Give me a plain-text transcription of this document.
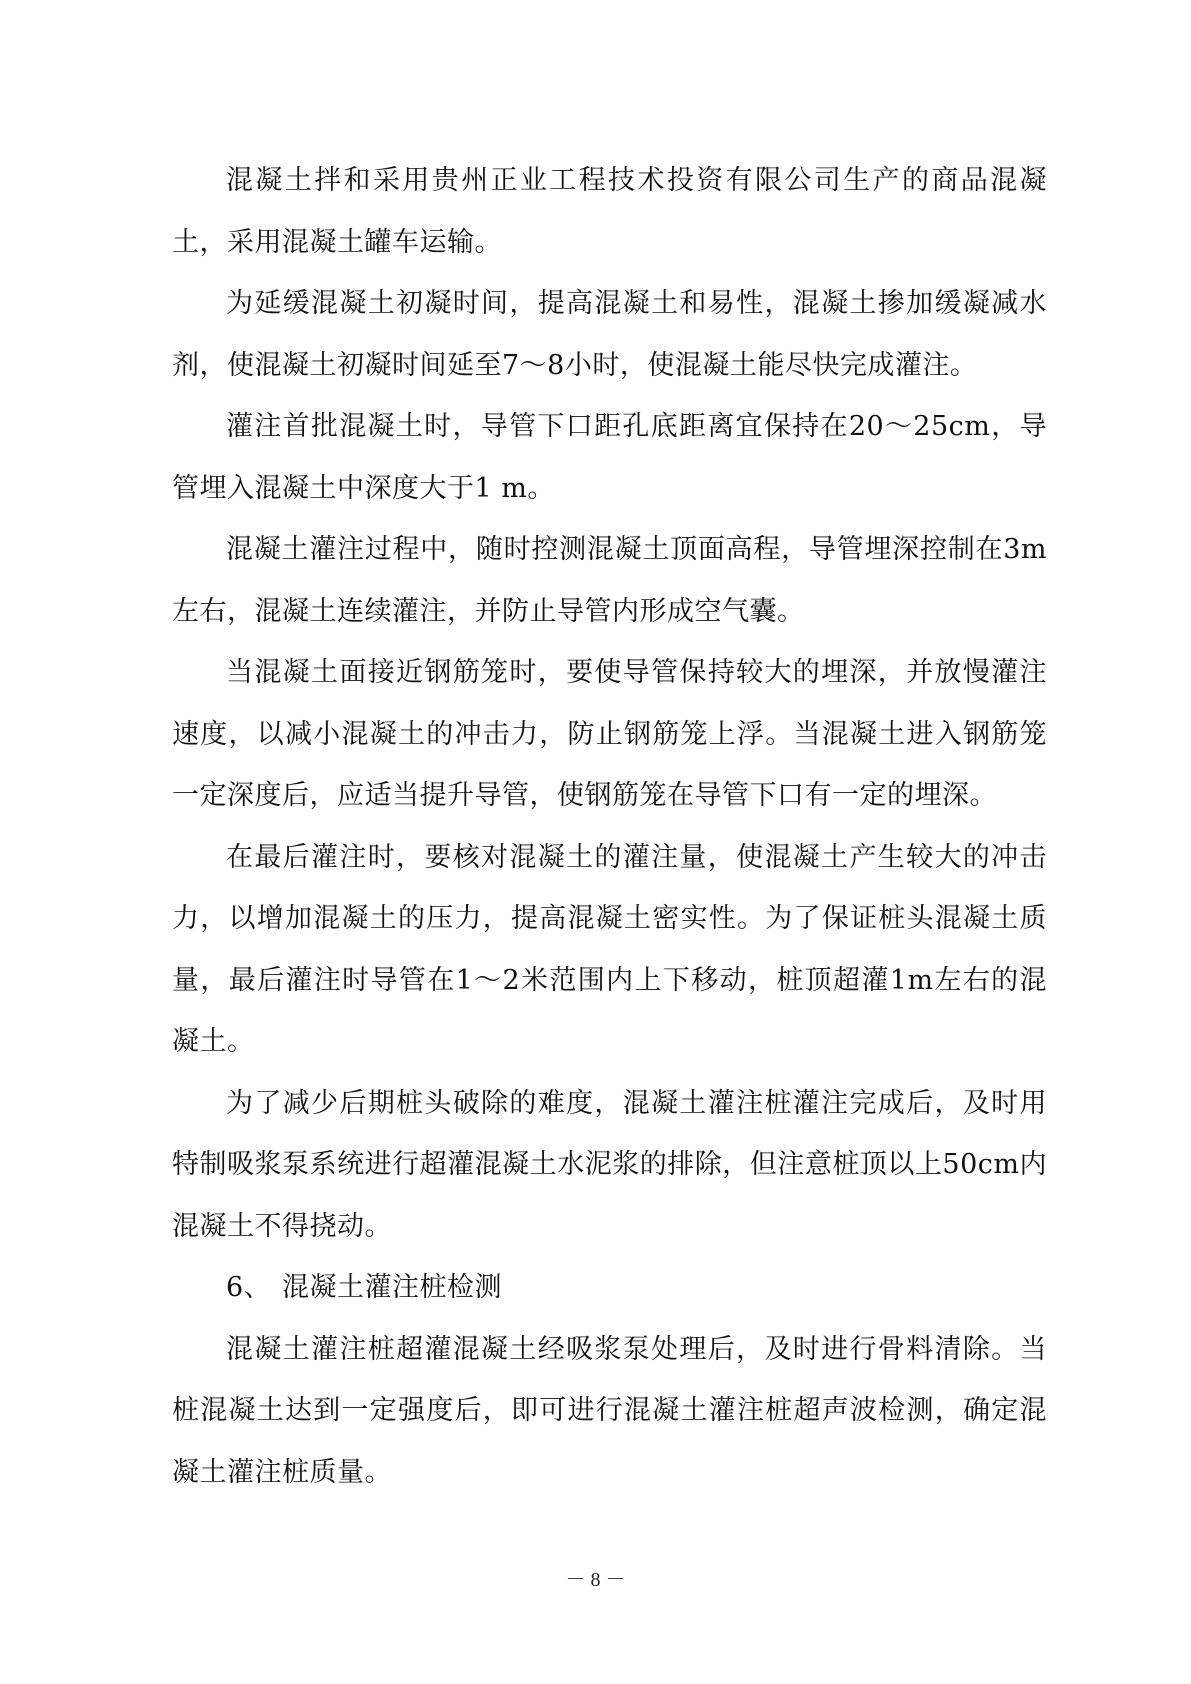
混凝土拌和采用贵州正业工程技术投资有限公司生产的商品混凝土，采用混凝土罐车运输。

为延缓混凝土初凝时间，提高混凝土和易性，混凝土掺加缓凝减水剂，使混凝土初凝时间延至7～8小时，使混凝土能尽快完成灌注。

灌注首批混凝土时，导管下口距孔底距离宜保持在20～25cm，导管埋入混凝土中深度大于1 m。

混凝土灌注过程中，随时控测混凝土顶面高程，导管埋深控制在3m左右，混凝土连续灌注，并防止导管内形成空气囊。

当混凝土面接近钢筋笼时，要使导管保持较大的埋深，并放慢灌注速度，以减小混凝土的冲击力，防止钢筋笼上浮。当混凝土进入钢筋笼一定深度后，应适当提升导管，使钢筋笼在导管下口有一定的埋深。

在最后灌注时，要核对混凝土的灌注量，使混凝土产生较大的冲击力，以增加混凝土的压力，提高混凝土密实性。为了保证桩头混凝土质量，最后灌注时导管在1～2米范围内上下移动，桩顶超灌1m左右的混凝土。

为了减少后期桩头破除的难度，混凝土灌注桩灌注完成后，及时用特制吸浆泵系统进行超灌混凝土水泥浆的排除，但注意桩顶以上50cm内混凝土不得挠动。

6、 混凝土灌注桩检测

混凝土灌注桩超灌混凝土经吸浆泵处理后，及时进行骨料清除。当桩混凝土达到一定强度后，即可进行混凝土灌注桩超声波检测，确定混凝土灌注桩质量。

－ 8 －
